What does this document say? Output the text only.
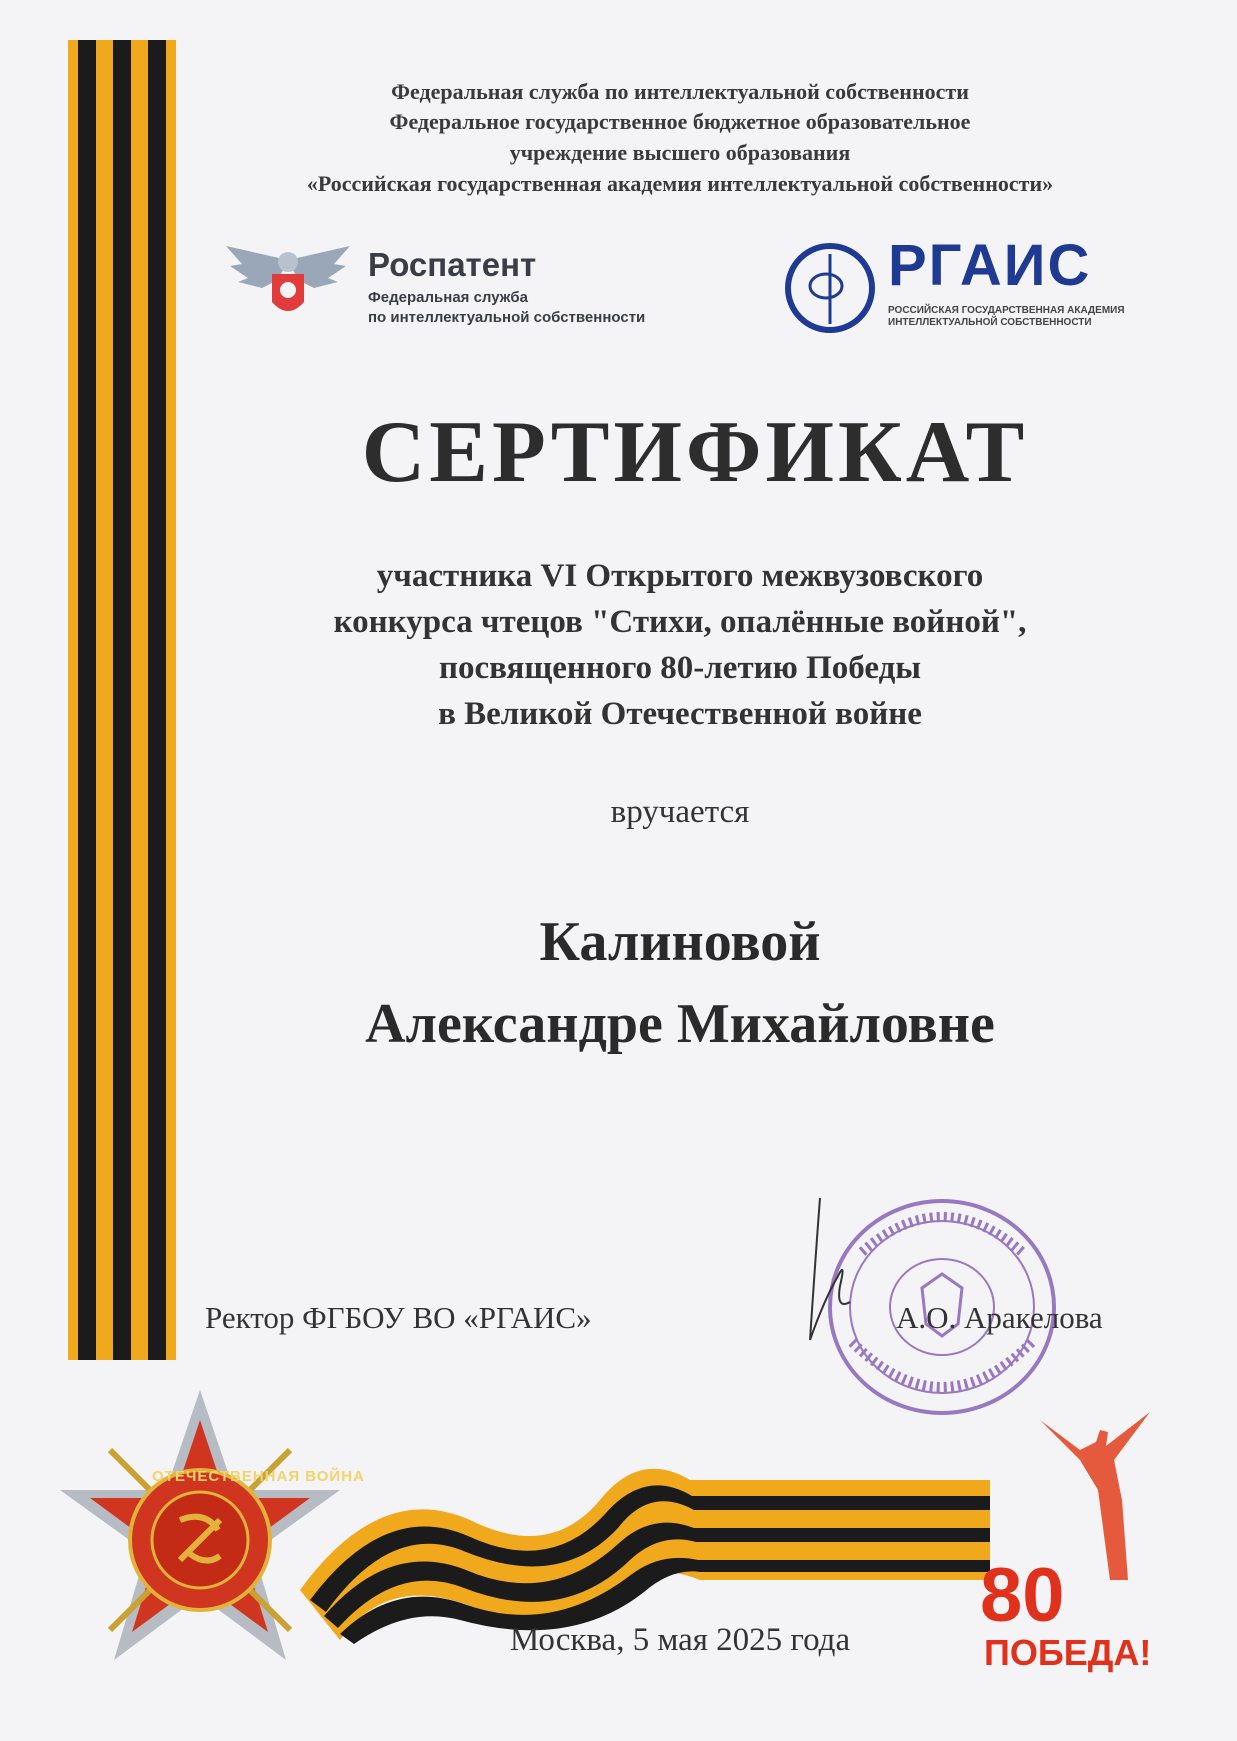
Федеральная служба по интеллектуальной собственности
Федеральное государственное бюджетное образовательное
учреждение высшего образования
«Российская государственная академия интеллектуальной собственности»
Роспатент
Федеральная служба
по интеллектуальной собственности
РГАИС
РОССИЙСКАЯ ГОСУДАРСТВЕННАЯ АКАДЕМИЯ
ИНТЕЛЛЕКТУАЛЬНОЙ СОБСТВЕННОСТИ
СЕРТИФИКАТ
участника VI Открытого межвузовского
конкурса чтецов "Стихи, опалённые войной",
посвященного 80-летию Победы
в Великой Отечественной войне
вручается
Калиновой
Александре Михайловне
Ректор ФГБОУ ВО «РГАИС»	А.О. Аракелова
ОТЕЧЕСТВЕННАЯ ВОЙНА
80
ПОБЕДА!
Москва, 5 мая 2025 года
